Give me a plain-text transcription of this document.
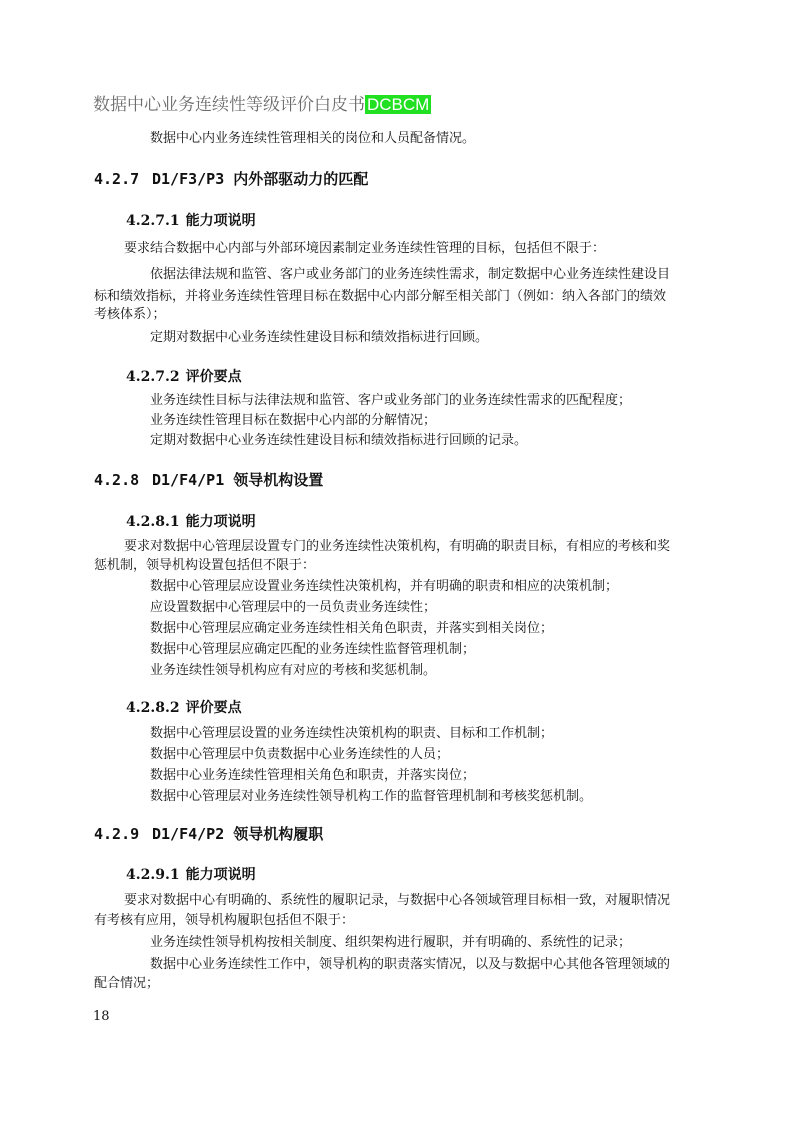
数据中心业务连续性等级评价白皮书 DCBCM
数据中心内业务连续性管理相关的岗位和人员配备情况。
4.2.7 D1/F3/P3 内外部驱动力的匹配
4.2.7.1 能力项说明
要求结合数据中心内部与外部环境因素制定业务连续性管理的目标，包括但不限于：
依据法律法规和监管、客户或业务部门的业务连续性需求，制定数据中心业务连续性建设目
标和绩效指标，并将业务连续性管理目标在数据中心内部分解至相关部门（例如：纳入各部门的绩效
考核体系）；
定期对数据中心业务连续性建设目标和绩效指标进行回顾。
4.2.7.2 评价要点
业务连续性目标与法律法规和监管、客户或业务部门的业务连续性需求的匹配程度；
业务连续性管理目标在数据中心内部的分解情况；
定期对数据中心业务连续性建设目标和绩效指标进行回顾的记录。
4.2.8 D1/F4/P1 领导机构设置
4.2.8.1 能力项说明
要求对数据中心管理层设置专门的业务连续性决策机构，有明确的职责目标，有相应的考核和奖
惩机制，领导机构设置包括但不限于：
数据中心管理层应设置业务连续性决策机构，并有明确的职责和相应的决策机制；
应设置数据中心管理层中的一员负责业务连续性；
数据中心管理层应确定业务连续性相关角色职责，并落实到相关岗位；
数据中心管理层应确定匹配的业务连续性监督管理机制；
业务连续性领导机构应有对应的考核和奖惩机制。
4.2.8.2 评价要点
数据中心管理层设置的业务连续性决策机构的职责、目标和工作机制；
数据中心管理层中负责数据中心业务连续性的人员；
数据中心业务连续性管理相关角色和职责，并落实岗位；
数据中心管理层对业务连续性领导机构工作的监督管理机制和考核奖惩机制。
4.2.9 D1/F4/P2 领导机构履职
4.2.9.1 能力项说明
要求对数据中心有明确的、系统性的履职记录，与数据中心各领域管理目标相一致，对履职情况
有考核有应用，领导机构履职包括但不限于：
业务连续性领导机构按相关制度、组织架构进行履职，并有明确的、系统性的记录；
数据中心业务连续性工作中，领导机构的职责落实情况，以及与数据中心其他各管理领域的
配合情况；
18
